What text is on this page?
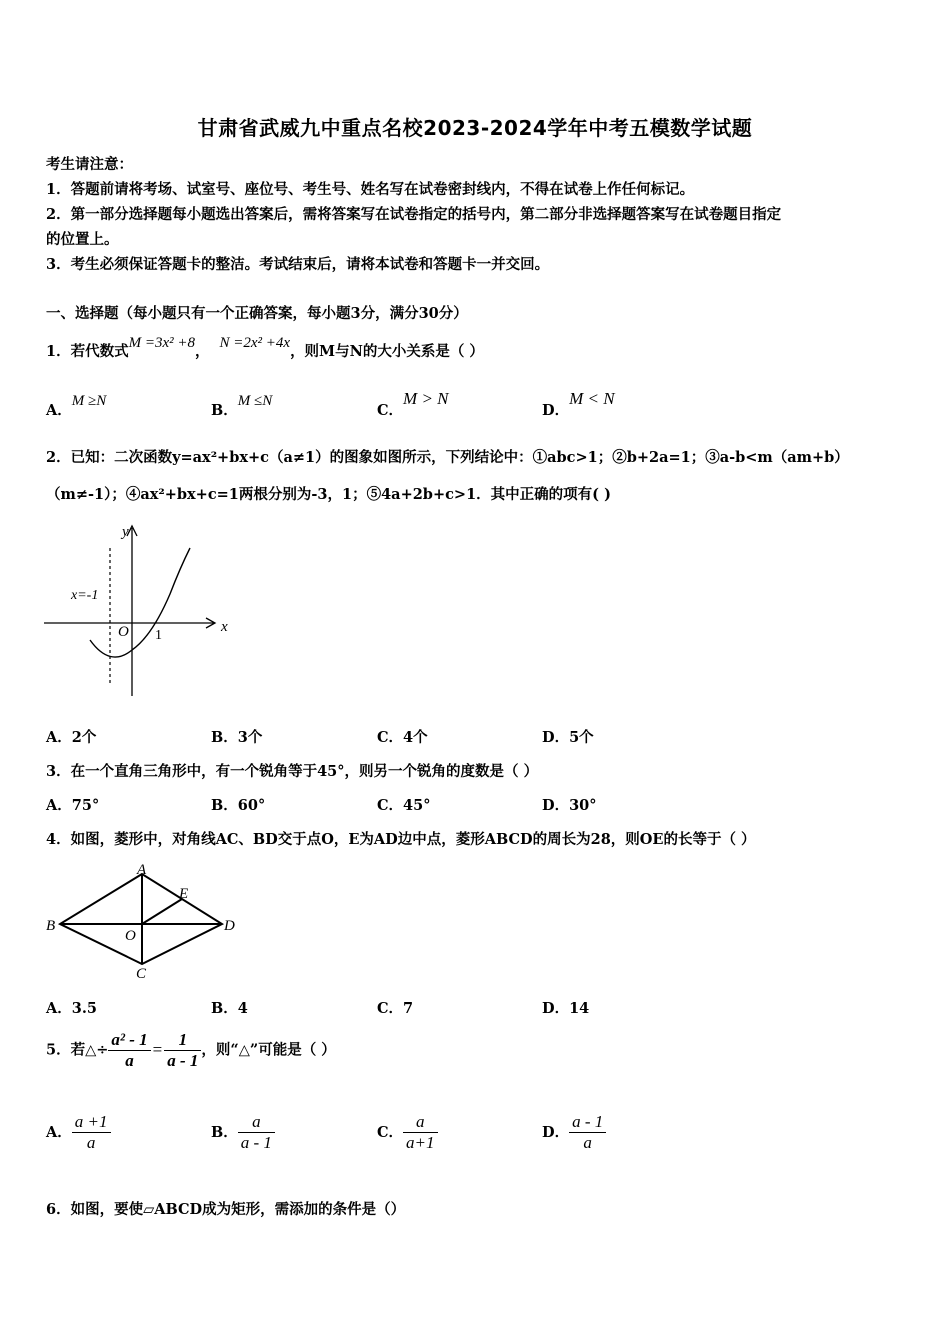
甘肃省武威九中重点名校2023-2024学年中考五模数学试题
考生请注意：
1．答题前请将考场、试室号、座位号、考生号、姓名写在试卷密封线内，不得在试卷上作任何标记。
2．第一部分选择题每小题选出答案后，需将答案写在试卷指定的括号内，第二部分非选择题答案写在试卷题目指定
的位置上。
3．考生必须保证答题卡的整洁。考试结束后，请将本试卷和答题卡一并交回。
一、选择题（每小题只有一个正确答案，每小题3分，满分30分）
1．若代数式M =3x² +8， N =2x² +4x，则M与N的大小关系是（ ）
A．M ≥N
B．M ≤N
C．M > N
D．M < N
2．已知：二次函数y=ax²+bx+c（a≠1）的图象如图所示，下列结论中：①abc>1；②b+2a=1；③a-b<m（am+b）
（m≠-1）；④ax²+bx+c=1两根分别为-3，1；⑤4a+2b+c>1．其中正确的项有( )
y
x
O 1
x=-1
A．2个	B．3个	C．4个	D．5个
3．在一个直角三角形中，有一个锐角等于45°，则另一个锐角的度数是（ ）
A．75°	B．60°	C．45°	D．30°
4．如图，菱形中，对角线AC、BD交于点O，E为AD边中点，菱形ABCD的周长为28，则OE的长等于（ ）
A
B
C
D
E
O
A．3.5	B．4	C．7	D．14
5．若△÷ $\frac{\text{a² - 1}}{a} = \frac{1}{a - 1}$ ，则“△”可能是（ ）
A． $\frac{a +1}{a}$	B． $\frac{a}{a - 1}$	C． $\frac{a}{a+1}$	D． $\frac{a - 1}{a}$
6．如图，要使▱ABCD成为矩形，需添加的条件是（）
